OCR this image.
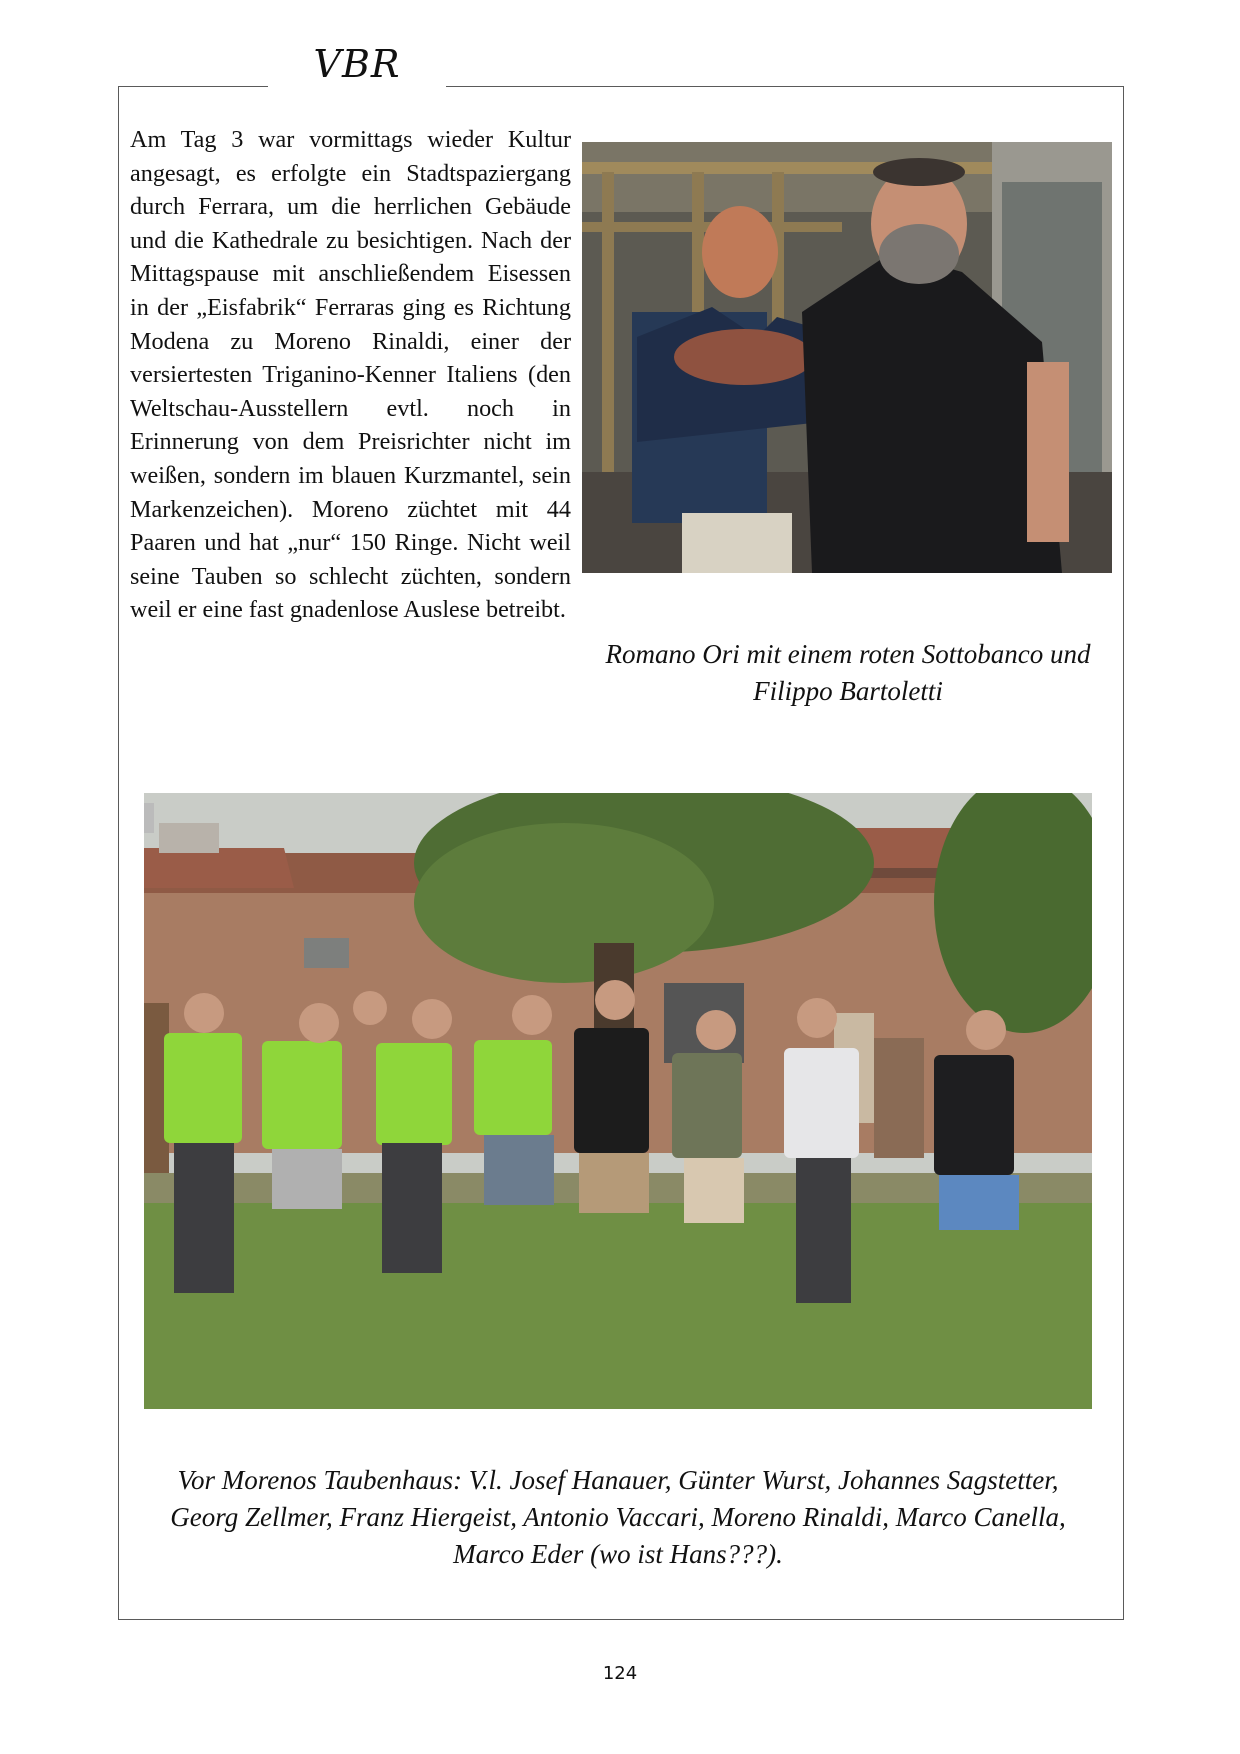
VBR

Am Tag 3 war vormittags wieder Kultur angesagt, es erfolgte ein Stadtspaziergang durch Ferrara, um die herrlichen Gebäude und die Kathedrale zu besichtigen. Nach der Mittagspause mit anschließendem Eisessen in der „Eisfabrik“ Ferraras ging es Richtung Modena zu Moreno Rinaldi, einer der versiertesten Triganino-Kenner Italiens (den Weltschau-Ausstellern evtl. noch in Erinnerung von dem Preisrichter nicht im weißen, sondern im blauen Kurzmantel, sein Markenzeichen). Moreno züchtet mit 44 Paaren und hat „nur“ 150 Ringe. Nicht weil seine Tauben so schlecht züchten, sondern weil er eine fast gnadenlose Auslese betreibt.

Romano Ori mit einem roten Sottobanco und Filippo Bartoletti

Vor Morenos Taubenhaus: V.l. Josef Hanauer, Günter Wurst, Johannes Sagstetter, Georg Zellmer, Franz Hiergeist, Antonio Vaccari, Moreno Rinaldi, Marco Canella, Marco Eder (wo ist Hans???).

124
